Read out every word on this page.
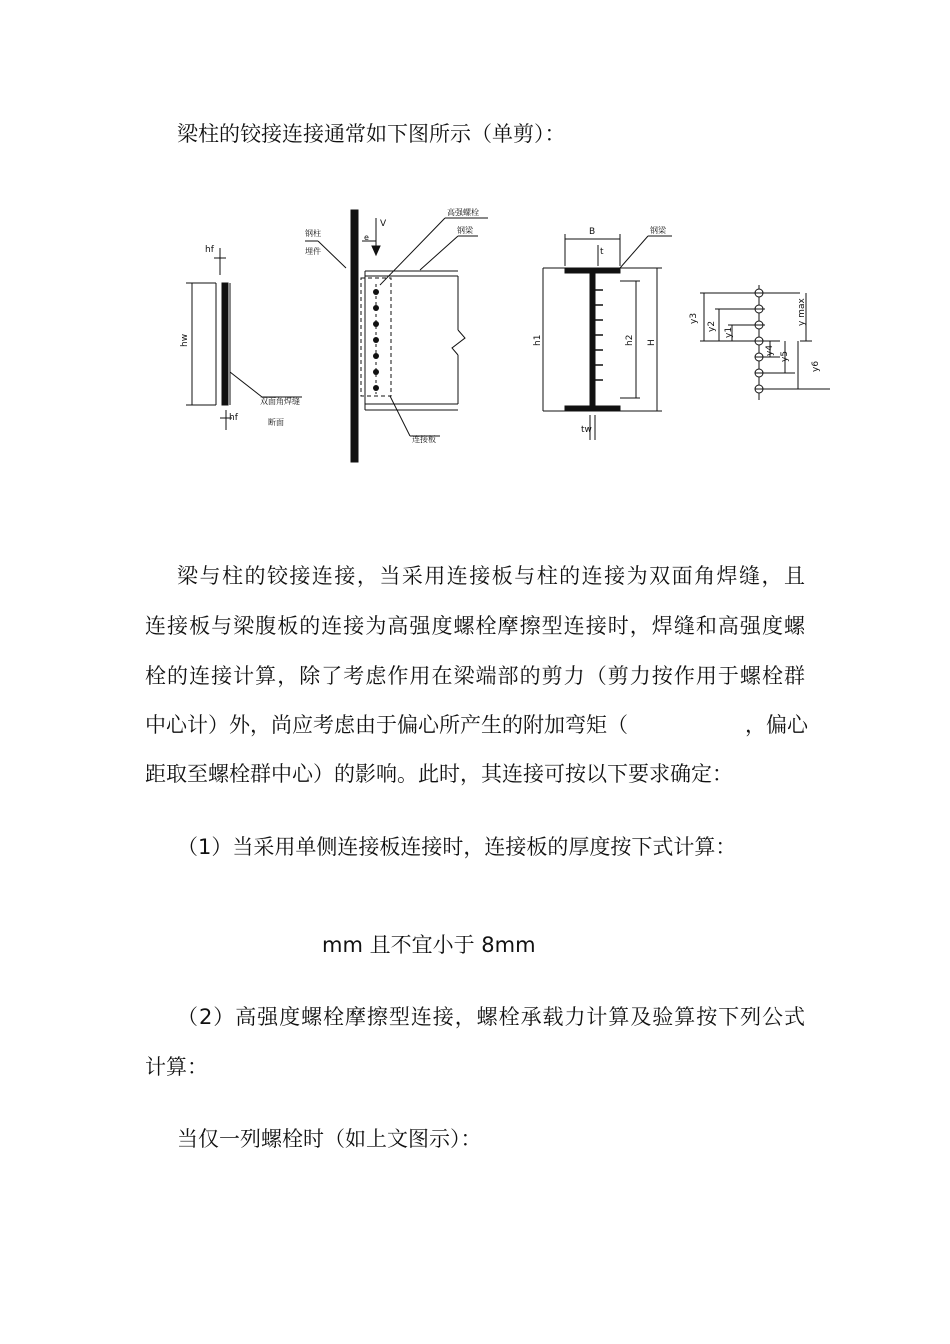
梁柱的铰接连接通常如下图所示（单剪）：
hf
hw
hf
双面角焊缝
断面
钢柱
埋件
e
V
高强螺栓
钢梁
连接板
B
t
钢梁
h1	h2 H
tw
y3
y2
y1
y4
y5
y6
y max
梁与柱的铰接连接，当采用连接板与柱的连接为双面角焊缝，且
连接板与梁腹板的连接为高强度螺栓摩擦型连接时，焊缝和高强度螺
栓的连接计算，除了考虑作用在梁端部的剪力（剪力按作用于螺栓群
中心计）外，尚应考虑由于偏心所产生的附加弯矩（	，偏心
距取至螺栓群中心）的影响。此时，其连接可按以下要求确定：
（1）当采用单侧连接板连接时，连接板的厚度按下式计算：
mm 且不宜小于 8mm
（2）高强度螺栓摩擦型连接，螺栓承载力计算及验算按下列公式
计算：
当仅一列螺栓时（如上文图示）：
